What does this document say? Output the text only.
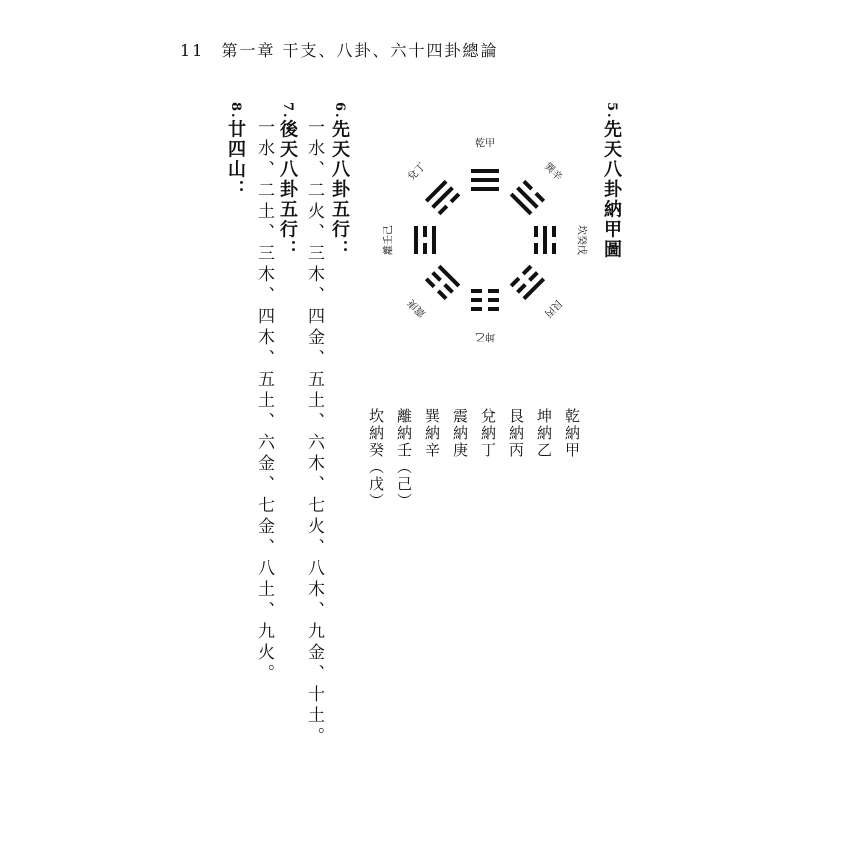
11 第一章 干支、八卦、六十四卦總論
5.先天八卦納甲圖
6.先天八卦五行：
一水、二火、三木、四金、五土、六木、七火、八木、九金、十土。
7.後天八卦五行：
一水、二土、三木、四木、五土、六金、七金、八土、九火。
8.廿四山：
乾納甲
坤納乙
艮納丙
兌納丁
震納庚
巽納辛
離納壬（己）
坎納癸（戊）
乾甲
巽辛
坎癸戊
艮丙
坤乙
震庚
離壬己
兌丁
